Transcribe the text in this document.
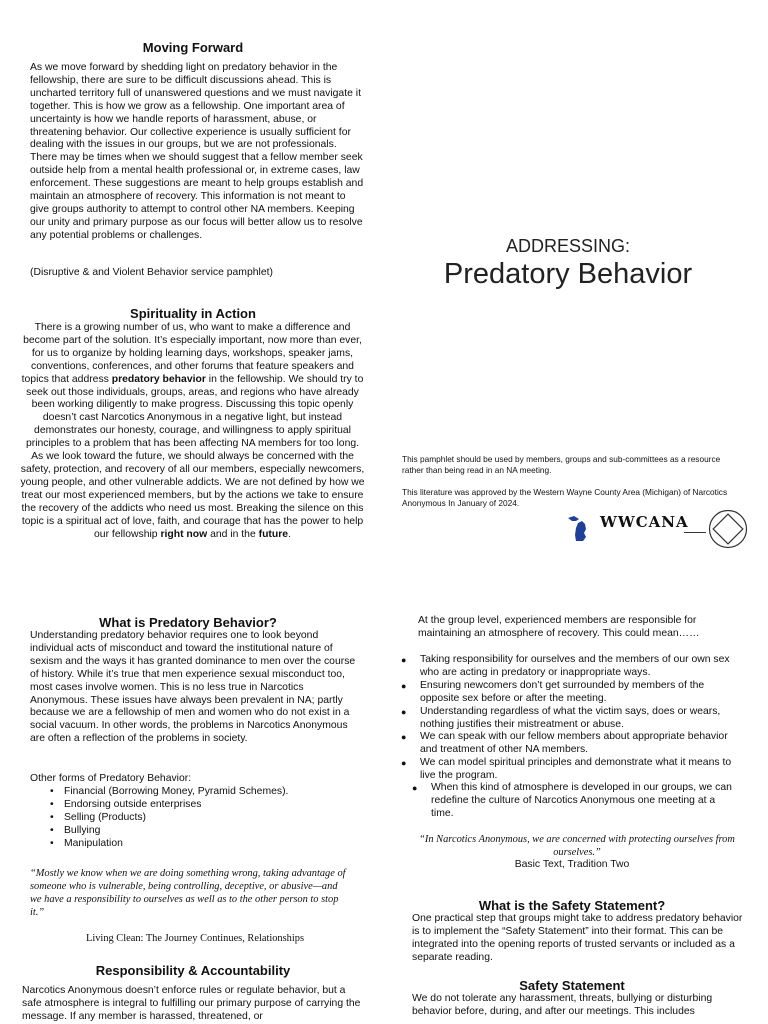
Moving Forward

As we move forward by shedding light on predatory behavior in the fellowship, there are sure to be difficult discussions ahead. This is uncharted territory full of unanswered questions and we must navigate it together. This is how we grow as a fellowship. One important area of uncertainty is how we handle reports of harassment, abuse, or threatening behavior. Our collective experience is usually sufficient for dealing with the issues in our groups, but we are not professionals. There may be times when we should suggest that a fellow member seek outside help from a mental health professional or, in extreme cases, law enforcement. These suggestions are meant to help groups establish and maintain an atmosphere of recovery. This information is not meant to give groups authority to attempt to control other NA members. Keeping our unity and primary purpose as our focus will better allow us to resolve any potential problems or challenges.

(Disruptive & and Violent Behavior service pamphlet)

Spirituality in Action

There is a growing number of us, who want to make a difference and become part of the solution. It’s especially important, now more than ever, for us to organize by holding learning days, workshops, speaker jams, conventions, conferences, and other forums that feature speakers and topics that address predatory behavior in the fellowship. We should try to seek out those individuals, groups, areas, and regions who have already been working diligently to make progress. Discussing this topic openly doesn’t cast Narcotics Anonymous in a negative light, but instead demonstrates our honesty, courage, and willingness to apply spiritual principles to a problem that has been affecting NA members for too long. As we look toward the future, we should always be concerned with the safety, protection, and recovery of all our members, especially newcomers, young people, and other vulnerable addicts. We are not defined by how we treat our most experienced members, but by the actions we take to ensure the recovery of the addicts who need us most. Breaking the silence on this topic is a spiritual act of love, faith, and courage that has the power to help our fellowship right now and in the future.

ADDRESSING:
Predatory Behavior

This pamphlet should be used by members, groups and sub-committees as a resource rather than being read in an NA meeting.

This literature was approved by the Western Wayne County Area (Michigan) of Narcotics Anonymous In January of 2024.

WWCANA
What is Predatory Behavior?

Understanding predatory behavior requires one to look beyond individual acts of misconduct and toward the institutional nature of sexism and the ways it has granted dominance to men over the course of history. While it’s true that men experience sexual misconduct too, most cases involve women. This is no less true in Narcotics Anonymous. These issues have always been prevalent in NA; partly because we are a fellowship of men and women who do not exist in a social vacuum. In other words, the problems in Narcotics Anonymous are often a reflection of the problems in society.

Other forms of Predatory Behavior:

• Financial (Borrowing Money, Pyramid Schemes).
• Endorsing outside enterprises
• Selling (Products)
• Bullying
• Manipulation

“Mostly we know when we are doing something wrong, taking advantage of someone who is vulnerable, being controlling, deceptive, or abusive—and we have a responsibility to ourselves as well as to the other person to stop it.”

Living Clean: The Journey Continues, Relationships

Responsibility & Accountability

Narcotics Anonymous doesn’t enforce rules or regulate behavior, but a safe atmosphere is integral to fulfilling our primary purpose of carrying the message. If any member is harassed, threatened, or

At the group level, experienced members are responsible for maintaining an atmosphere of recovery. This could mean……

● Taking responsibility for ourselves and the members of our own sex who are acting in predatory or inappropriate ways.
● Ensuring newcomers don’t get surrounded by members of the opposite sex before or after the meeting.
● Understanding regardless of what the victim says, does or wears, nothing justifies their mistreatment or abuse.
● We can speak with our fellow members about appropriate behavior and treatment of other NA members.
● We can model spiritual principles and demonstrate what it means to live the program.
● When this kind of atmosphere is developed in our groups, we can redefine the culture of Narcotics Anonymous one meeting at a time.

“In Narcotics Anonymous, we are concerned with protecting ourselves from ourselves.”

Basic Text, Tradition Two

What is the Safety Statement?

One practical step that groups might take to address predatory behavior is to implement the “Safety Statement” into their format. This can be integrated into the opening reports of trusted servants or included as a separate reading.

Safety Statement

We do not tolerate any harassment, threats, bullying or disturbing behavior before, during, and after our meetings. This includes
